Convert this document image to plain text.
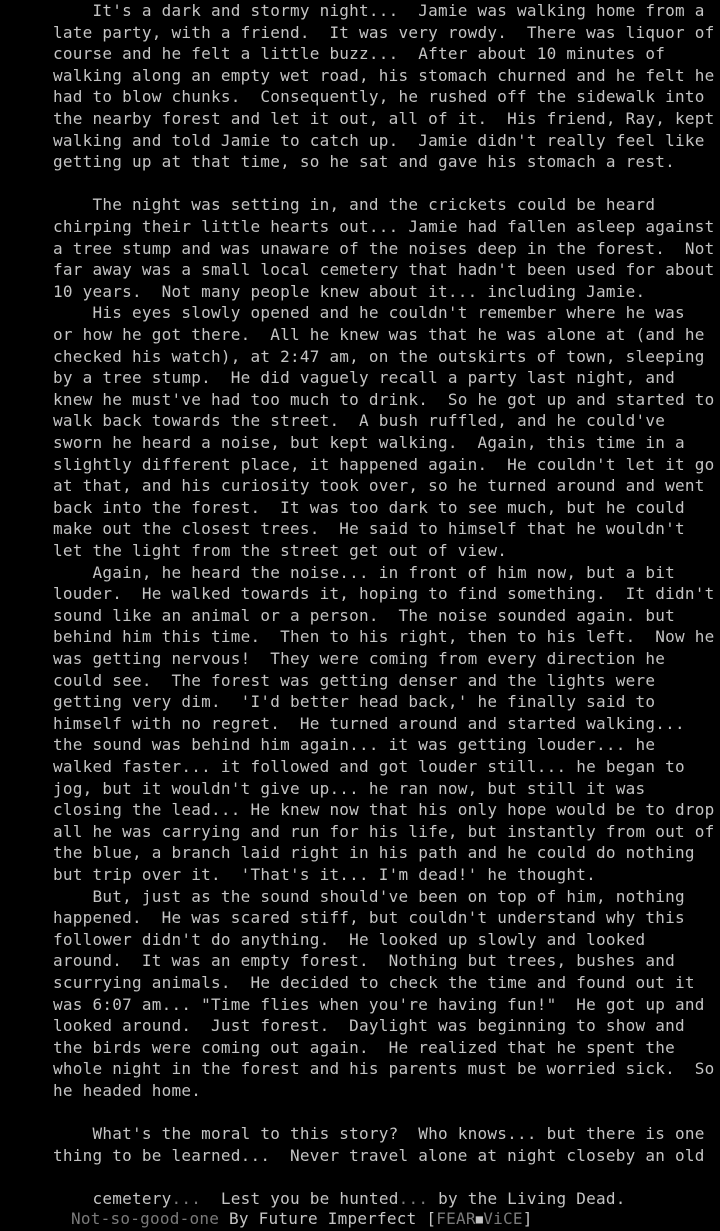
It's a dark and stormy night...  Jamie was walking home from a
late party, with a friend.  It was very rowdy.  There was liquor of
course and he felt a little buzz...  After about 10 minutes of
walking along an empty wet road, his stomach churned and he felt he
had to blow chunks.  Consequently, he rushed off the sidewalk into
the nearby forest and let it out, all of it.  His friend, Ray, kept
walking and told Jamie to catch up.  Jamie didn't really feel like
getting up at that time, so he sat and gave his stomach a rest.
The night was setting in, and the crickets could be heard
chirping their little hearts out... Jamie had fallen asleep against
a tree stump and was unaware of the noises deep in the forest.  Not
far away was a small local cemetery that hadn't been used for about
10 years.  Not many people knew about it... including Jamie.
His eyes slowly opened and he couldn't remember where he was
or how he got there.  All he knew was that he was alone at (and he
checked his watch), at 2:47 am, on the outskirts of town, sleeping
by a tree stump.  He did vaguely recall a party last night, and
knew he must've had too much to drink.  So he got up and started to
walk back towards the street.  A bush ruffled, and he could've
sworn he heard a noise, but kept walking.  Again, this time in a
slightly different place, it happened again.  He couldn't let it go
at that, and his curiosity took over, so he turned around and went
back into the forest.  It was too dark to see much, but he could
make out the closest trees.  He said to himself that he wouldn't
let the light from the street get out of view.
Again, he heard the noise... in front of him now, but a bit
louder.  He walked towards it, hoping to find something.  It didn't
sound like an animal or a person.  The noise sounded again. but
behind him this time.  Then to his right, then to his left.  Now he
was getting nervous!  They were coming from every direction he
could see.  The forest was getting denser and the lights were
getting very dim.  'I'd better head back,' he finally said to
himself with no regret.  He turned around and started walking...
the sound was behind him again... it was getting louder... he
walked faster... it followed and got louder still... he began to
jog, but it wouldn't give up... he ran now, but still it was
closing the lead... He knew now that his only hope would be to drop
all he was carrying and run for his life, but instantly from out of
the blue, a branch laid right in his path and he could do nothing
but trip over it.  'That's it... I'm dead!' he thought.
But, just as the sound should've been on top of him, nothing
happened.  He was scared stiff, but couldn't understand why this
follower didn't do anything.  He looked up slowly and looked
around.  It was an empty forest.  Nothing but trees, bushes and
scurrying animals.  He decided to check the time and found out it
was 6:07 am... "Time flies when you're having fun!"  He got up and
looked around.  Just forest.  Daylight was beginning to show and
the birds were coming out again.  He realized that he spent the
whole night in the forest and his parents must be worried sick.  So
he headed home.
What's the moral to this story?  Who knows... but there is one
thing to be learned...  Never travel alone at night closeby an old

cemetery...  Lest you be hunted... by the Living Dead.

Not-so-good-one By Future Imperfect [FEAR■ViCE]
